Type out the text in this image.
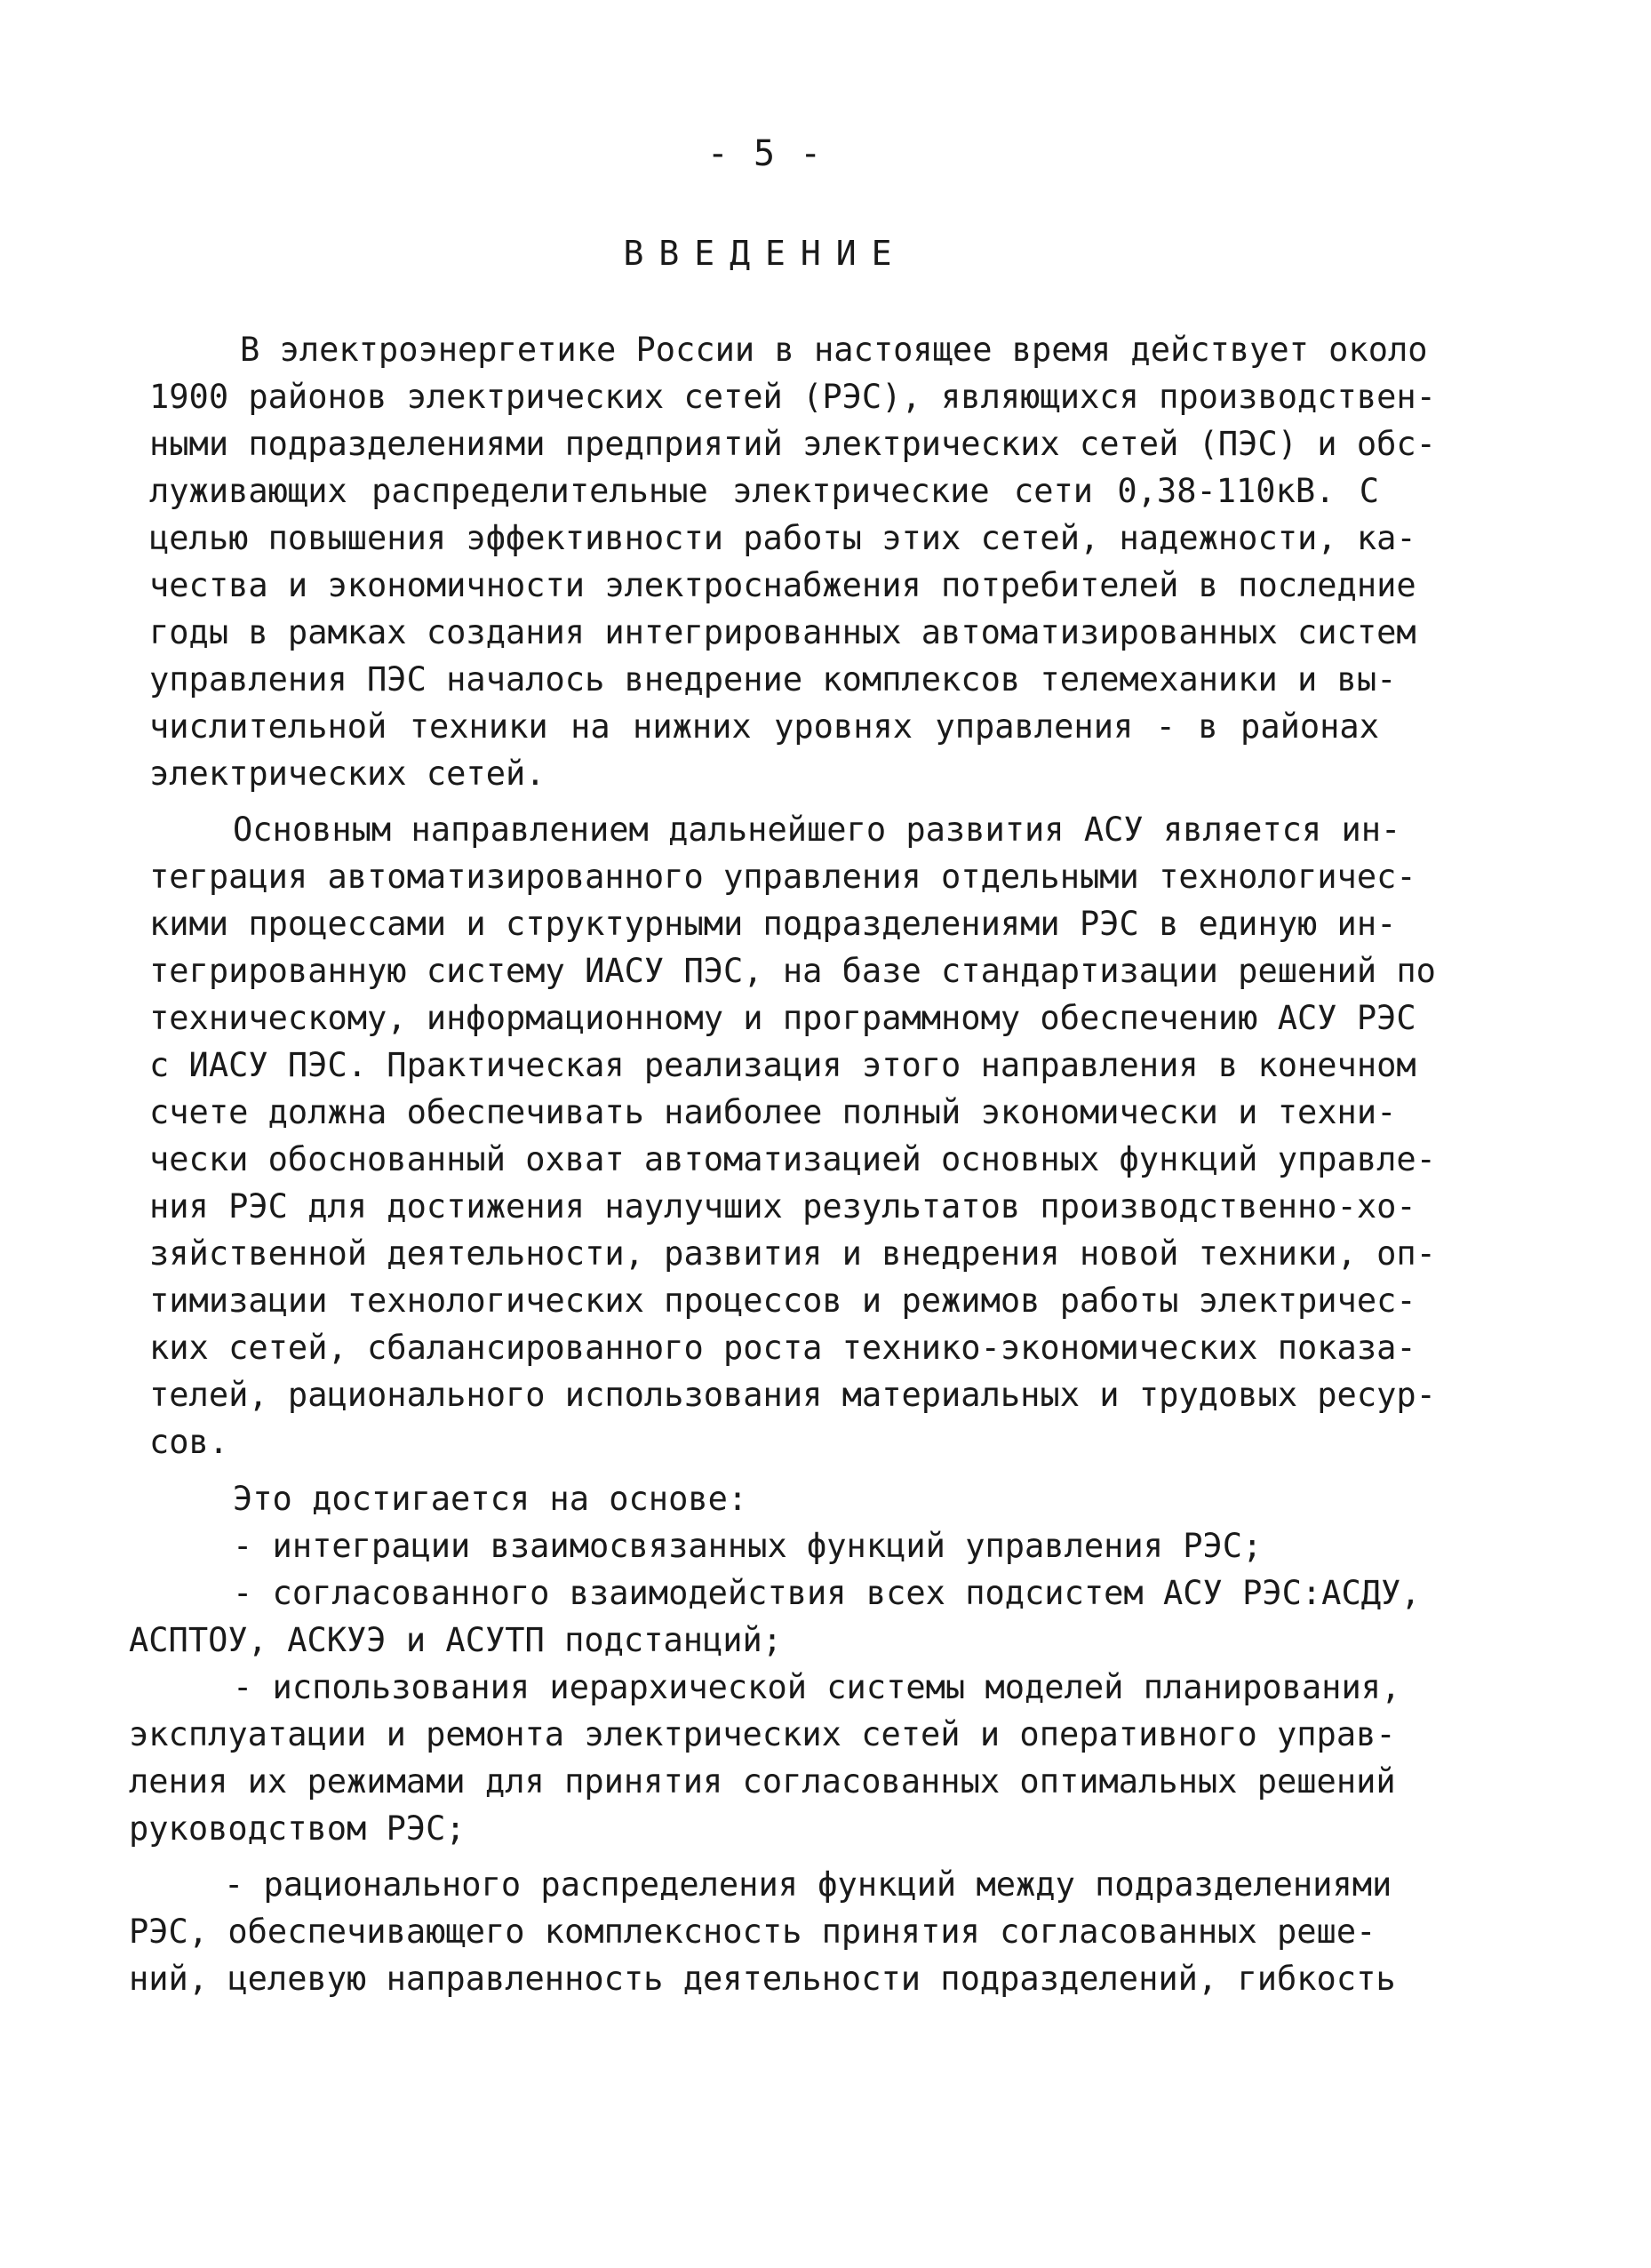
- 5 -
ВВЕДЕНИЕ
В электроэнергетике России в настоящее время действует около
1900 районов электрических сетей (РЭС), являющихся производствен-
ными подразделениями предприятий электрических сетей (ПЭС) и обс-
луживающих распределительные электрические сети 0,38-110кВ. С
целью повышения эффективности работы этих сетей, надежности, ка-
чества и экономичности электроснабжения потребителей в последние
годы в рамках создания интегрированных автоматизированных систем
управления ПЭС началось внедрение комплексов телемеханики и вы-
числительной техники на нижних уровнях управления - в районах
электрических сетей.
Основным направлением дальнейшего развития АСУ является ин-
теграция автоматизированного управления отдельными технологичес-
кими процессами и структурными подразделениями РЭС в единую ин-
тегрированную систему ИАСУ ПЭС, на базе стандартизации решений по
техническому, информационному и программному обеспечению АСУ РЭС
с ИАСУ ПЭС. Практическая реализация этого направления в конечном
счете должна обеспечивать наиболее полный экономически и техни-
чески обоснованный охват автоматизацией основных функций управле-
ния РЭС для достижения наулучших результатов производственно-хо-
зяйственной деятельности, развития и внедрения новой техники, оп-
тимизации технологических процессов и режимов работы электричес-
ких сетей, сбалансированного роста технико-экономических показа-
телей, рационального использования материальных и трудовых ресур-
сов.
Это достигается на основе:
- интеграции взаимосвязанных функций управления РЭС;
- согласованного взаимодействия всех подсистем АСУ РЭС:АСДУ,
АСПТОУ, АСКУЭ и АСУТП подстанций;
- использования иерархической системы моделей планирования,
эксплуатации и ремонта электрических сетей и оперативного управ-
ления их режимами для принятия согласованных оптимальных решений
руководством РЭС;
- рационального распределения функций между подразделениями
РЭС, обеспечивающего комплексность принятия согласованных реше-
ний, целевую направленность деятельности подразделений, гибкость
